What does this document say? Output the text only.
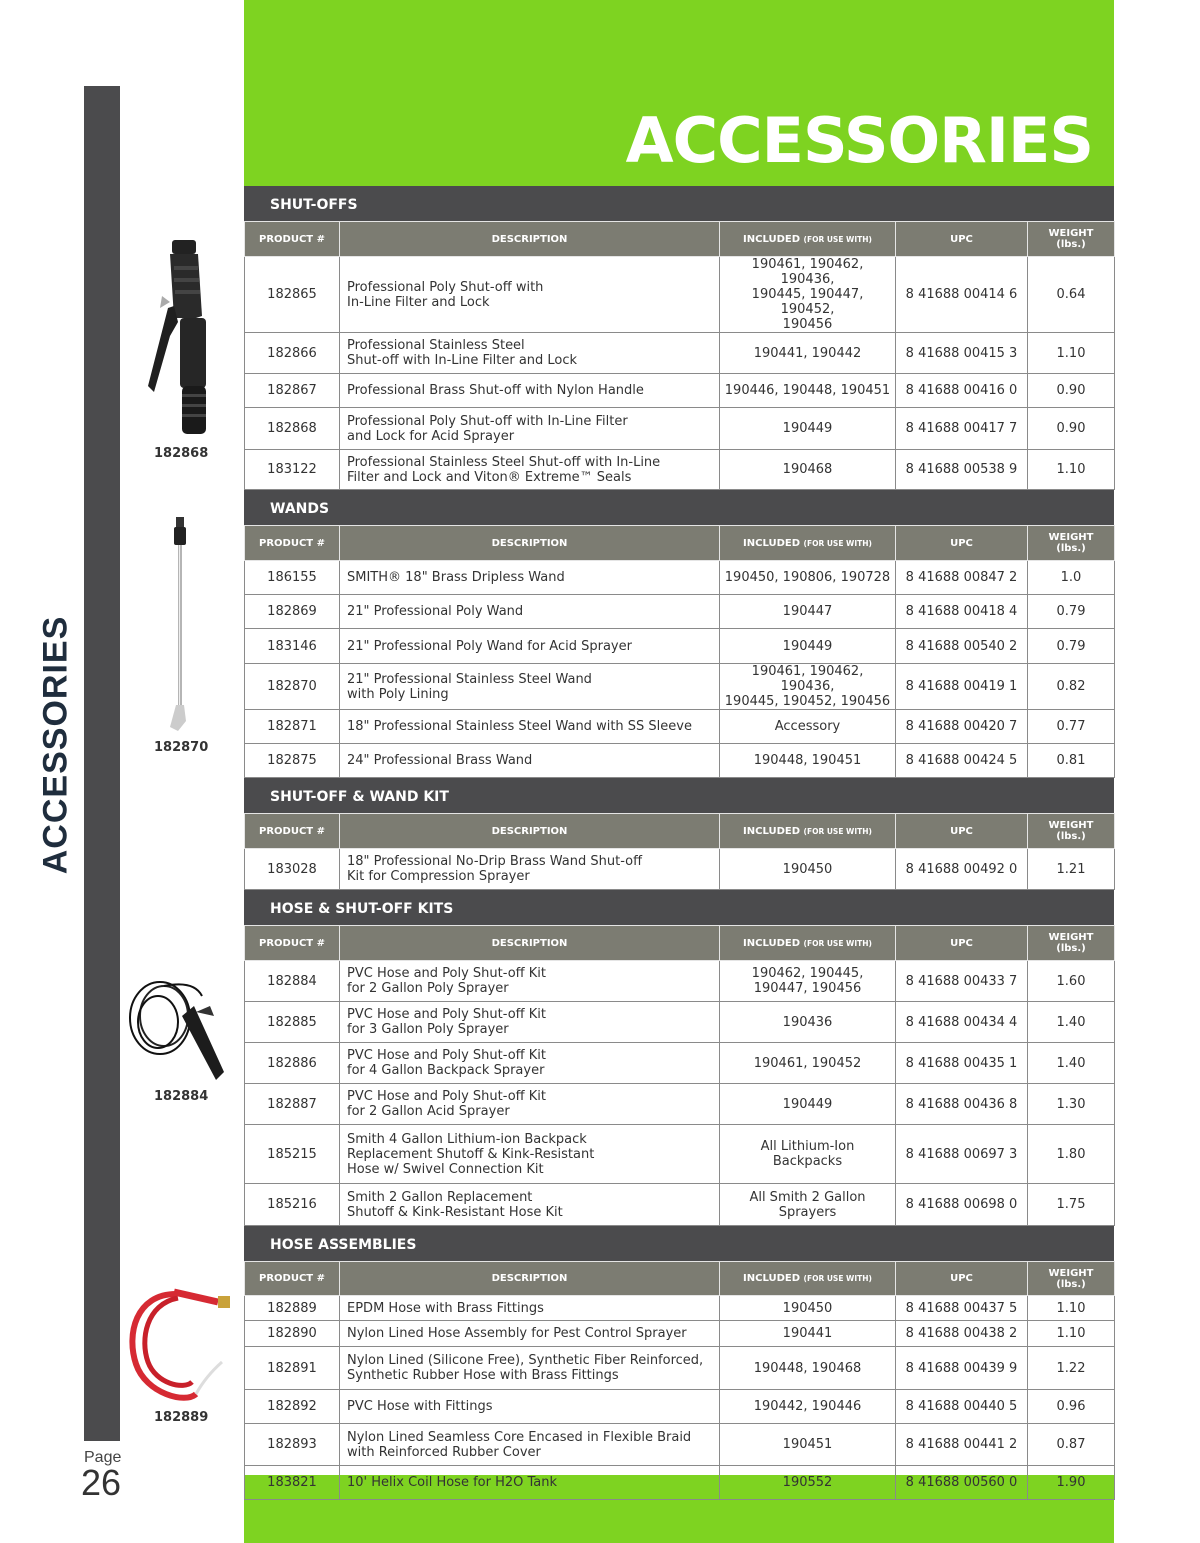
ACCESSORIES
Page
26
ACCESSORIES
182868
182870
182884
182889
SHUT-OFFS
PRODUCT #	DESCRIPTION	INCLUDED (FOR USE WITH)	UPC	WEIGHT
(lbs.)
182865	Professional Poly Shut-off with
In-Line Filter and Lock	190461, 190462, 190436,
190445, 190447, 190452,
190456	8 41688 00414 6	0.64
182866	Professional Stainless Steel
Shut-off with In-Line Filter and Lock	190441, 190442	8 41688 00415 3	1.10
182867	Professional Brass Shut-off with Nylon Handle	190446, 190448, 190451	8 41688 00416 0	0.90
182868	Professional Poly Shut-off with In-Line Filter
and Lock for Acid Sprayer	190449	8 41688 00417 7	0.90
183122	Professional Stainless Steel Shut-off with In-Line
Filter and Lock and Viton® Extreme™ Seals	190468	8 41688 00538 9	1.10
WANDS
PRODUCT #	DESCRIPTION	INCLUDED (FOR USE WITH)	UPC	WEIGHT
(lbs.)
186155	SMITH® 18" Brass Dripless Wand	190450, 190806, 190728	8 41688 00847 2	1.0
182869	21" Professional Poly Wand	190447	8 41688 00418 4	0.79
183146	21" Professional Poly Wand for Acid Sprayer	190449	8 41688 00540 2	0.79
182870	21" Professional Stainless Steel Wand
with Poly Lining	190461, 190462, 190436,
190445, 190452, 190456	8 41688 00419 1	0.82
182871	18" Professional Stainless Steel Wand with SS Sleeve	Accessory	8 41688 00420 7	0.77
182875	24" Professional Brass Wand	190448, 190451	8 41688 00424 5	0.81
SHUT-OFF & WAND KIT
PRODUCT #	DESCRIPTION	INCLUDED (FOR USE WITH)	UPC	WEIGHT
(lbs.)
183028	18" Professional No-Drip Brass Wand Shut-off
Kit for Compression Sprayer	190450	8 41688 00492 0	1.21
HOSE & SHUT-OFF KITS
PRODUCT #	DESCRIPTION	INCLUDED (FOR USE WITH)	UPC	WEIGHT
(lbs.)
182884	PVC Hose and Poly Shut-off Kit
for 2 Gallon Poly Sprayer	190462, 190445,
190447, 190456	8 41688 00433 7	1.60
182885	PVC Hose and Poly Shut-off Kit
for 3 Gallon Poly Sprayer	190436	8 41688 00434 4	1.40
182886	PVC Hose and Poly Shut-off Kit
for 4 Gallon Backpack Sprayer	190461, 190452	8 41688 00435 1	1.40
182887	PVC Hose and Poly Shut-off Kit
for 2 Gallon Acid Sprayer	190449	8 41688 00436 8	1.30
185215	Smith 4 Gallon Lithium-ion Backpack
Replacement Shutoff & Kink-Resistant
Hose w/ Swivel Connection Kit	All Lithium-Ion
Backpacks	8 41688 00697 3	1.80
185216	Smith 2 Gallon Replacement
Shutoff & Kink-Resistant Hose Kit	All Smith 2 Gallon
Sprayers	8 41688 00698 0	1.75
HOSE ASSEMBLIES
PRODUCT #	DESCRIPTION	INCLUDED (FOR USE WITH)	UPC	WEIGHT
(lbs.)
182889	EPDM Hose with Brass Fittings	190450	8 41688 00437 5	1.10
182890	Nylon Lined Hose Assembly for Pest Control Sprayer	190441	8 41688 00438 2	1.10
182891	Nylon Lined (Silicone Free), Synthetic Fiber Reinforced,
Synthetic Rubber Hose with Brass Fittings	190448, 190468	8 41688 00439 9	1.22
182892	PVC Hose with Fittings	190442, 190446	8 41688 00440 5	0.96
182893	Nylon Lined Seamless Core Encased in Flexible Braid
with Reinforced Rubber Cover	190451	8 41688 00441 2	0.87
183821	10' Helix Coil Hose for H2O Tank	190552	8 41688 00560 0	1.90
